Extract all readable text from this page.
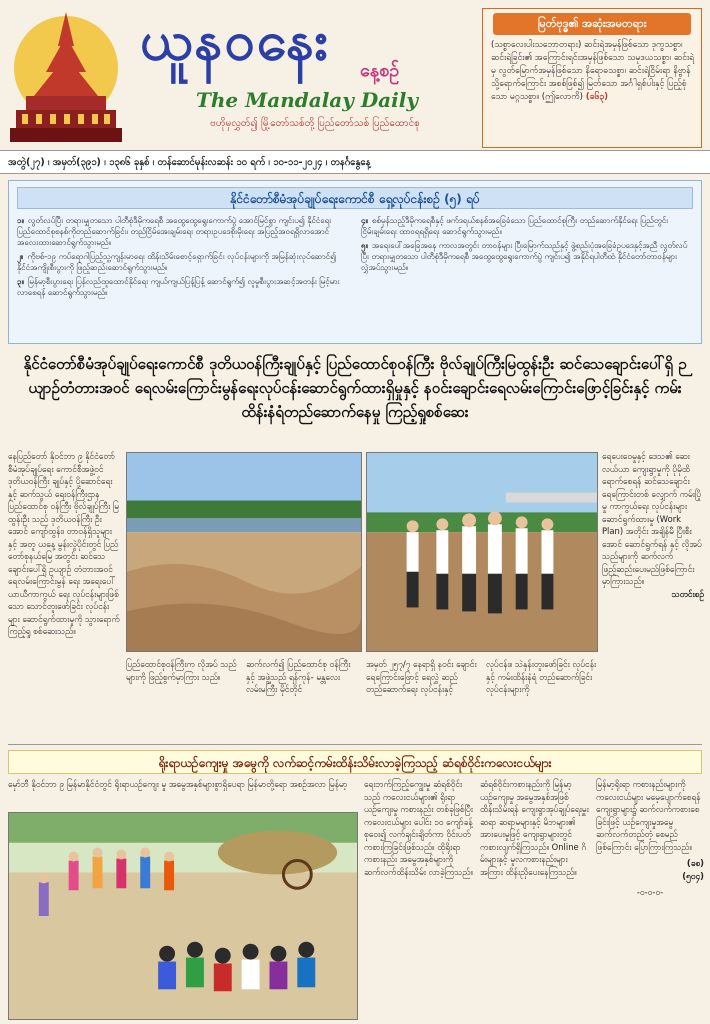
ယူနဝနေး	နေ့စဉ်
The Mandalay Daily
ဗဟိုမှလွှတ်၍ မြို့တော်သစ်တို့ ပြည်တော်သစ် ပြည်ထောင်စု
မြတ်ဗုဒ္ဓ၏ အဆုံးအမတရား
(သစ္စာလေးပါးသဘောတရား) ဆင်းရဲအမှန်ဖြစ်သော ဒုက္ခသစ္စာ၊ ဆင်းရဲခြင်း၏ အကြောင်းရင်းအမှန်ဖြစ်သော သမုဒယသစ္စာ၊ ဆင်းရဲမှ လွတ်မြောက်အမှန်ဖြစ်သော နိရောဓသစ္စာ၊ ဆင်းရဲငြိမ်းရာ နိဗ္ဗာန်သို့ရောက်ကြောင်း အစစ်ဖြစ်၍ မြတ်သော အင်္ဂါရှစ်ပါးနှင့် ပြည့်စုံသော မဂ္ဂသစ္စာ။ (ဤလောကိ) (ခ၆၃)
အတွဲ(၂၇) ၊ အမှတ်(၃၉၁) ၊ ၁၃၈၆ ခုနှစ် ၊ တန်ဆောင်မုန်းလဆန်း ၁၀ ရက် ၊ ၁၀-၁၁-၂၀၂၄ ၊ တနင်္ဂနွေနေ့
နိုင်ငံတော်စီမံအုပ်ချုပ်ရေးကောင်စီ ရှေ့လုပ်ငန်းစဉ် (၅) ရပ်
၁။ လွတ်လပ်ပြီး တရားမျှတသော ပါတီစုံဒီမိုကရေစီ အထွေထွေရွေးကောက်ပွဲ အောင်မြင်စွာ ကျင်းပ၍ နိုင်ငံရေး ပြည်ထောင်စုစနစ်ကိုတည်ဆောက်ခြင်း၊ တည်ငြိမ်အေးချမ်းရေး တရားဥပဒေစိုးမိုးရေး အပြည့်အဝရရှိလာအောင် အလေးထားဆောင်ရွက်သွားမည်။
၂။ ကိုဗစ်-၁၉ ကပ်ရောဂါပြည့်သူ့ကျန်းမာရေး ထိန်းသိမ်းစောင့်ရှောက်ခြင်း လုပ်ငန်းများကို အမြန်ဆုံးလုပ်ဆောင်၍ နိုင်ငံအကျိုးစီးပွားကို ဖြည့်ဆည်းဆောင်ရွက်သွားမည်။
၃။ မြန်မာ့စီးပွားရေး ပြန်လည်ထူထောင်နိုင်ရေး ကျယ်ကျယ်ပြန့်ပြန့် ဆောင်ရွက်၍ လူမှုစီးပွားအဆင့်အတန်း မြင့်မားလာစေရန် ဆောင်ရွက်သွားမည်။
၄။ စစ်မှန်သည့်ဒီမိုကရေစီနှင့် ဖက်ဒရယ်စနစ်အခြေခံသော ပြည်ထောင်စုကြီး တည်ဆောက်နိုင်ရေး ပြည်တွင်းငြိမ်းချမ်းရေး ထာဝရရရှိရေး ဆောင်ရွက်သွားမည်။
၅။ အရေးပေါ်အခြေအနေ ကာလအတွင်း တာဝန်များ ပြီးမြောက်သည်နှင့် ဖွဲ့စည်းပုံအခြေခံဥပဒေနှင့်အညီ လွတ်လပ်ပြီး တရားမျှတသော ပါတီစုံဒီမိုကရေစီ အထွေထွေရွေးကောက်ပွဲ ကျင်းပ၍ အနိုင်ရပါတီထံ နိုင်ငံတော်တာဝန်များ လွှဲအပ်သွားမည်။
နိုင်ငံတော်စီမံအုပ်ချုပ်ရေးကောင်စီ ဒုတိယဝန်ကြီးချုပ်နှင့် ပြည်ထောင်စုဝန်ကြီး ဗိုလ်ချုပ်ကြီးမြထွန်းဦး ဆင်သေချောင်းပေါ်ရှိ ဉယျာဉ်တံတားအဝင် ရေလမ်းကြောင်းမွန်ရေးလုပ်ငန်းဆောင်ရွက်ထားရှိမှုနှင့် နဝင်းချောင်းရေလမ်းကြောင်းဖြောင့်ခြင်းနှင့် ကမ်းထိန်းနံရံတည်ဆောက်နေမှု ကြည့်ရှုစစ်ဆေး
နေပြည်တော် နိုဝင်ဘာ ၉ နိုင်ငံတော် စီမံအုပ်ချုပ်ရေး ကောင်စီအဖွဲ့ဝင် ဒုတိယဝန်ကြီး ချုပ်နှင့် ပို့ဆောင်ရေးနှင့် ဆက်သွယ် ရေးဝန်ကြီးဌာန ပြည်ထောင်စု ဝန်ကြီး ဗိုလ်ချုပ်ကြီး မြထွန်းဦး သည် ဒုတိယဝန်ကြီး ဦးအောင် ကျော်ထွန်း၊ တာဝန်ရှိသူများနှင့် အတူ ယနေ့ မွန်းလွဲပိုင်းတွင် ပြည်တော်စုနယ်မြေ အတွင်း ဆင်သေချောင်းပေါ်ရှိ ဥယျာဉ် တံတားအဝင် ရေလမ်းကြောင်းမွန် ရေး အရေးပေါ်ယာယီကာကွယ် ရေး လုပ်ငန်းများဖြစ်သော သောင်တူးဖော်ခြင်း လုပ်ငန်းများ ဆောင်ရွက်ထားမှုကို သွားရောက်ကြည့်ရှု စစ်ဆေးသည်။
ပြည်ထောင်စုဝန်ကြီးက လိုအပ် သည်များကို ဖြည့်စွက်မှာကြား သည်။
ဆက်လက်၍ ပြည်ထောင်စု ဝန်ကြီးနှင့် အဖွဲ့သည် ရန်ကုန်- မန္တလေးလမ်းမကြီး မိုင်တိုင်
အမှတ် ၂၅၇/၇ နေရာရှိ နဝင်း ချောင်း ရေကြောင်းဖြောင့် ရေလွှဲ ဆည်တည်ဆောက်ရေး လုပ်ငန်းနှင့်
လုပ်ငန်း။ သဲနုန်းတူးဖော်ခြင်း လုပ်ငန်းနှင့် ကမ်းထိန်းနံရံ တည်ဆောက်ခြင်း လုပ်ငန်းများကို
ရေပေးဝေမှုနှင့် ဒေသ၏ ဆေးလယ်ယာ ကျေးရွာမှုကို ပိုမိုထိရောက်စေရန် ဆင်သေချောင်း ရေကြောင်းတစ် လျှောက် ကမ်းပြိုမှု ကာကွယ်ရေး လုပ်ငန်းများ ဆောင်ရွက်ထားမှု (Work Plan) အတိုင်း အချိန်မီ ပြီးစီးအောင် ဆောင်ရွက်ရန် နှင့် လိုအပ်သည်များကို ဆက်လက် ဖြည့်ဆည်းပေးမည်ဖြစ်ကြောင်း မှာကြားသည်။
သတင်းစဉ်
ရိုးရာယဉ်ကျေးမှု အမွေကို လက်ဆင့်ကမ်းထိန်းသိမ်းလာခဲ့ကြသည့် ဆံရစ်ဝိုင်းကလေးငယ်များ
မှော်ဘီ နိုဝင်ဘာ ၉ မြန်မာနိုင်ငံတွင် ရိုးရာယဉ်ကျေး မှု အမွေအနှစ်များစွာရှိပေရာ မြန်မာတို့ရော အစဉ်အလာ မြန်မာ့	ရေးဘက်ကြည့်ကျွေးမှု ဆံရစ်ဝိုင်းသည် ကလေးငယ်များ၏ ရိုးရာယဉ်ကျေးမှု ကစားနည်း တစ်ခုဖြစ်ပြီး ကလေးငယ်များ ပေါင်း ၁၀ ကျော်ခန့် စုဝေး၍ လက်ချင်းချိတ်ကာ ဝိုင်းပတ် ကစားကြခြင်းဖြစ်သည်။ ထိုရိုးရာကစားနည်း အမွေအနှစ်များကို ဆက်လက်ထိန်းသိမ်း လာခဲ့ကြသည်။
ဆံရစ်ဝိုင်းကစားနည်းကို မြန်မာ့ယဉ်ကျေးမှု အမွေအနှစ်အဖြစ် ထိန်းသိမ်းရန် ကျေးရွာအုပ်ချုပ်ရေးမှူး ဆရာ ဆရာမများနှင့် မိဘများ၏ အားပေးမှုဖြင့် ကျေးရွာများတွင် ကစားလျက်ရှိကြသည်။ Online ဂိမ်းများနှင့် မူလကစားနည်းများ အကြား ထိန်းညှိပေးနေကြသည်။
မြန်မာ့ရိုးရာ ကစားနည်းများကို ကလေးငယ်များ မမေ့ပျောက်စေရန် ကျေးရွာများ၌ ဆက်လက်ကစားစေခြင်းဖြင့် ယဉ်ကျေးမှုအမွေ ဆက်လက်တည်တံ့ စေမည်ဖြစ်ကြောင်း ပြောကြားကြသည်။
(ခစ)
(၅၀၄)
-၀-၀-၀-
